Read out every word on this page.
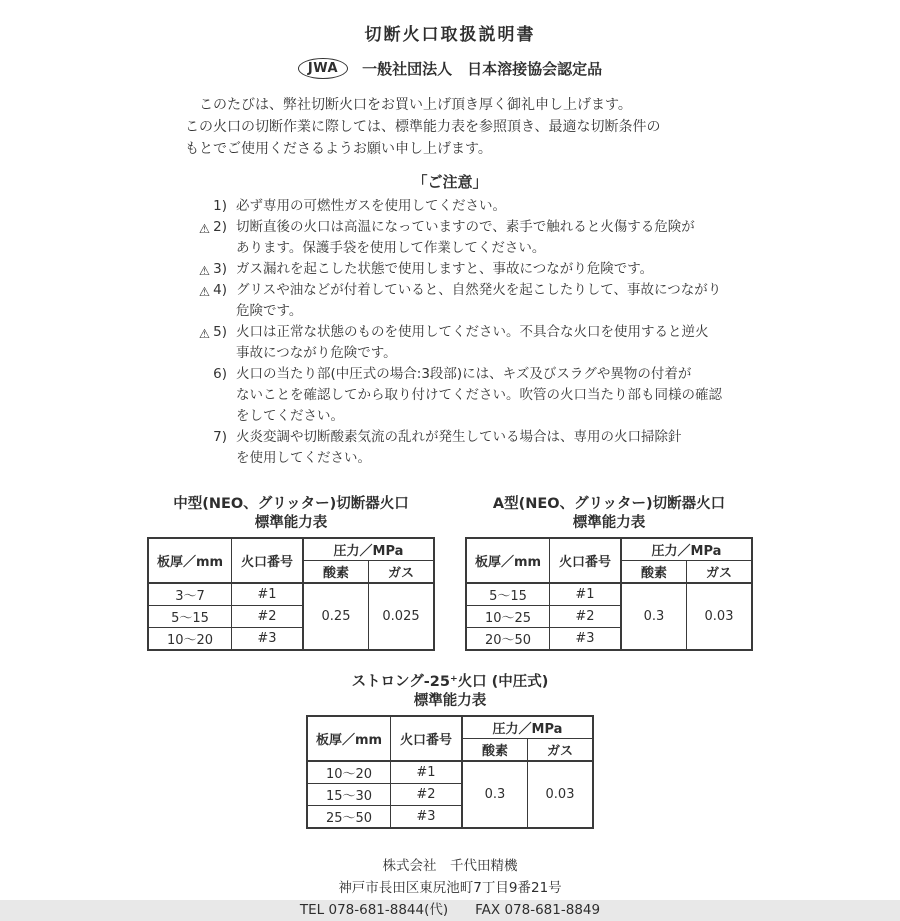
切断火口取扱説明書
JWA	一般社団法人　日本溶接協会認定品
このたびは、弊社切断火口をお買い上げ頂き厚く御礼申し上げます。
この火口の切断作業に際しては、標準能力表を参照頂き、最適な切断条件の
もとでご使用くださるようお願い申し上げます。
「ご注意」
1) 必ず専用の可燃性ガスを使用してください。
⚠ 2) 切断直後の火口は高温になっていますので、素手で触れると火傷する危険が
あります。保護手袋を使用して作業してください。
⚠ 3) ガス漏れを起こした状態で使用しますと、事故につながり危険です。
⚠ 4) グリスや油などが付着していると、自然発火を起こしたりして、事故につながり
危険です。
⚠ 5) 火口は正常な状態のものを使用してください。不具合な火口を使用すると逆火
事故につながり危険です。
6) 火口の当たり部(中圧式の場合:3段部)には、キズ及びスラグや異物の付着が
ないことを確認してから取り付けてください。吹管の火口当たり部も同様の確認
をしてください。
7) 火炎変調や切断酸素気流の乱れが発生している場合は、専用の火口掃除針
を使用してください。
中型(NEO、グリッター)切断器火口
標準能力表
板厚／mm	火口番号	圧力／MPa	
		酸素	ガス
3〜7	#1	0.25	0.025
5〜15	#2		
10〜20	#3		
A型(NEO、グリッター)切断器火口
標準能力表
板厚／mm	火口番号	圧力／MPa	
		酸素	ガス
5〜15	#1	0.3	0.03
10〜25	#2		
20〜50	#3		
ストロング-25⁺火口 (中圧式)
標準能力表
板厚／mm	火口番号	圧力／MPa	
		酸素	ガス
10〜20	#1	0.3	0.03
15〜30	#2		
25〜50	#3		
株式会社　千代田精機
神戸市長田区東尻池町7丁目9番21号
TEL 078-681-8844(代)　　FAX 078-681-8849
